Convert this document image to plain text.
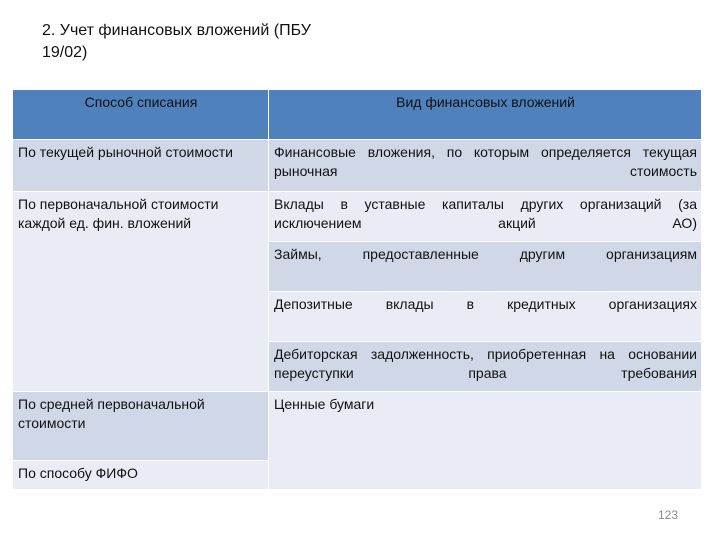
2. Учет финансовых вложений (ПБУ 19/02)
Способ списания	Вид финансовых вложений
По текущей рыночной стоимости	Финансовые вложения, по которым определяется текущая рыночная стоимость
По первоначальной стоимости каждой ед. фин. вложений	Вклады в уставные капиталы других организаций (за исключением акций АО)
	Займы, предоставленные другим организациям
	Депозитные вклады в кредитных организациях
	Дебиторская задолженность, приобретенная на основании переуступки права требования
По средней первоначальной стоимости	Ценные бумаги
По способу ФИФО	
123
